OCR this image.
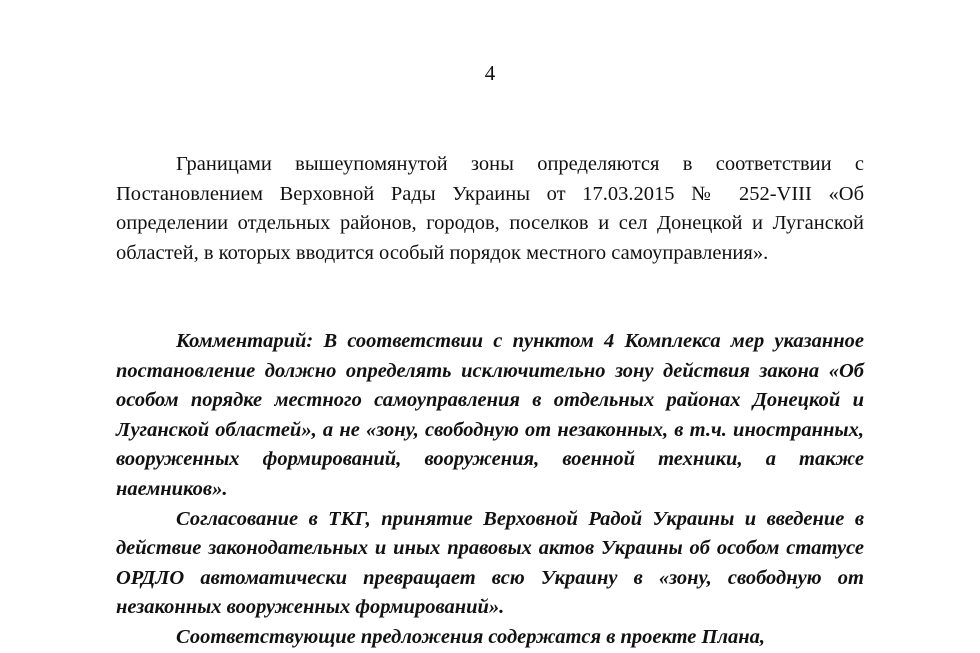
4

Границами вышеупомянутой зоны определяются в соответствии с Постановлением Верховной Рады Украины от 17.03.2015 № 252-VIII «Об определении отдельных районов, городов, поселков и сел Донецкой и Луганской областей, в которых вводится особый порядок местного самоуправления».

Комментарий: В соответствии с пунктом 4 Комплекса мер указанное постановление должно определять исключительно зону действия закона «Об особом порядке местного самоуправления в отдельных районах Донецкой и Луганской областей», а не «зону, свободную от незаконных, в т.ч. иностранных, вооруженных формирований, вооружения, военной техники, а также наемников».

Согласование в ТКГ, принятие Верховной Радой Украины и введение в действие законодательных и иных правовых актов Украины об особом статусе ОРДЛО автоматически превращает всю Украину в «зону, свободную от незаконных вооруженных формирований».

Соответствующие предложения содержатся в проекте Плана,
